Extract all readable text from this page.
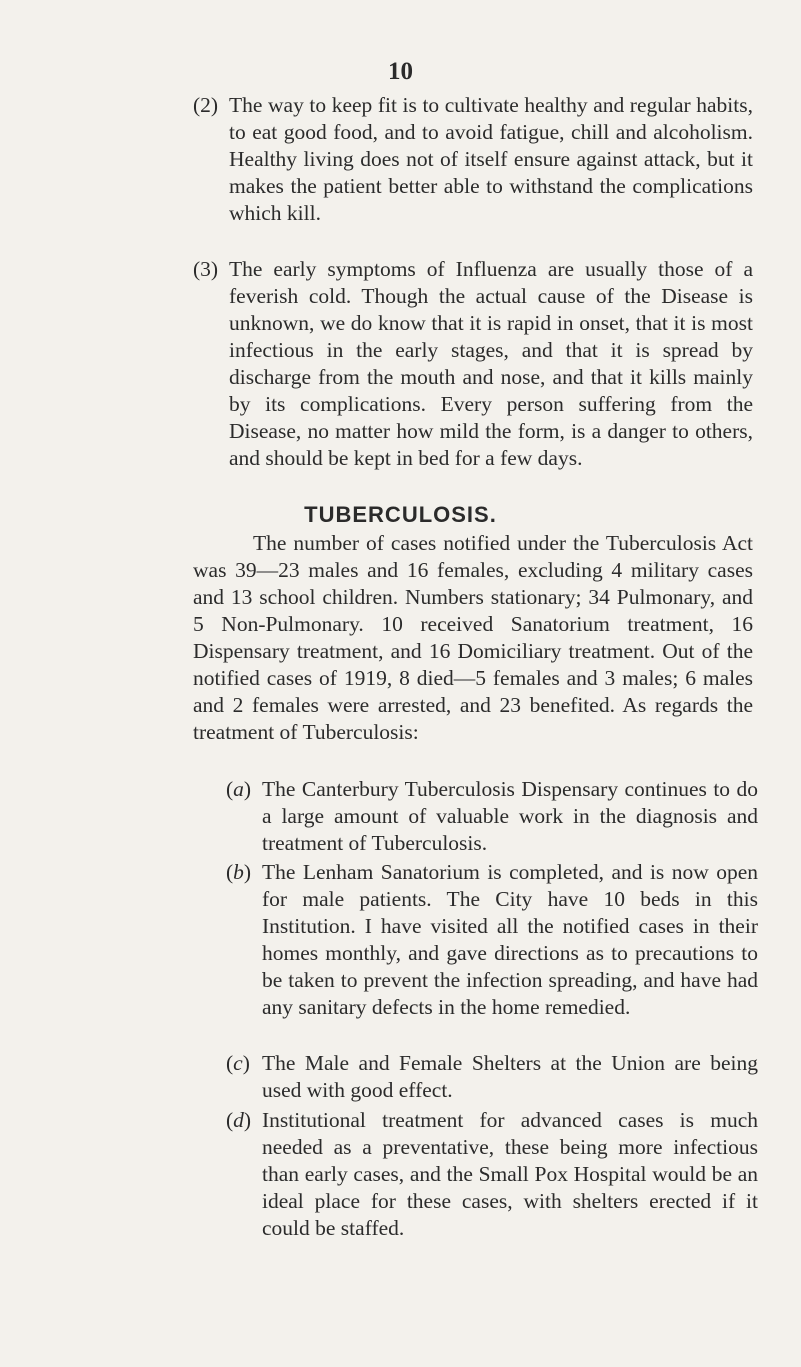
10
(2) The way to keep fit is to cultivate healthy and regular habits, to eat good food, and to avoid fatigue, chill and alcoholism. Healthy living does not of itself ensure against attack, but it makes the patient better able to withstand the complications which kill.
(3) The early symptoms of Influenza are usually those of a feverish cold. Though the actual cause of the Disease is unknown, we do know that it is rapid in onset, that it is most infectious in the early stages, and that it is spread by discharge from the mouth and nose, and that it kills mainly by its complications. Every person suffering from the Disease, no matter how mild the form, is a danger to others, and should be kept in bed for a few days.
TUBERCULOSIS.
The number of cases notified under the Tuberculosis Act was 39—23 males and 16 females, excluding 4 military cases and 13 school children. Numbers stationary; 34 Pulmonary, and 5 Non-Pulmonary. 10 received Sanatorium treatment, 16 Dispensary treatment, and 16 Domiciliary treatment. Out of the notified cases of 1919, 8 died—5 females and 3 males; 6 males and 2 females were arrested, and 23 benefited. As regards the treatment of Tuberculosis:
(a) The Canterbury Tuberculosis Dispensary continues to do a large amount of valuable work in the diagnosis and treatment of Tuberculosis.
(b) The Lenham Sanatorium is completed, and is now open for male patients. The City have 10 beds in this Institution. I have visited all the notified cases in their homes monthly, and gave directions as to precautions to be taken to prevent the infection spreading, and have had any sanitary defects in the home remedied.
(c) The Male and Female Shelters at the Union are being used with good effect.
(d) Institutional treatment for advanced cases is much needed as a preventative, these being more infectious than early cases, and the Small Pox Hospital would be an ideal place for these cases, with shelters erected if it could be staffed.
